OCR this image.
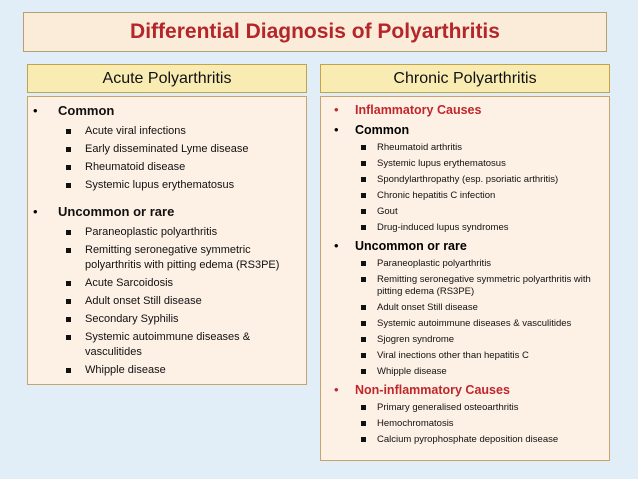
Differential Diagnosis of Polyarthritis
Acute Polyarthritis	Chronic Polyarthritis
• Common
Acute viral infections
Early disseminated Lyme disease
Rheumatoid disease
Systemic lupus erythematosus
• Uncommon or rare
Paraneoplastic polyarthritis
Remitting seronegative symmetric polyarthritis with pitting edema (RS3PE)
Acute Sarcoidosis
Adult onset Still disease
Secondary Syphilis
Systemic autoimmune diseases & vasculitides
Whipple disease
• Inflammatory Causes
• Common
Rheumatoid arthritis
Systemic lupus erythematosus
Spondylarthropathy (esp. psoriatic arthritis)
Chronic hepatitis C infection
Gout
Drug-induced lupus syndromes
• Uncommon or rare
Paraneoplastic polyarthritis
Remitting seronegative symmetric polyarthritis with pitting edema (RS3PE)
Adult onset Still disease
Systemic autoimmune diseases & vasculitides
Sjogren syndrome
Viral inections other than hepatitis C
Whipple disease
• Non-inflammatory Causes
Primary generalised osteoarthritis
Hemochromatosis
Calcium pyrophosphate deposition disease
